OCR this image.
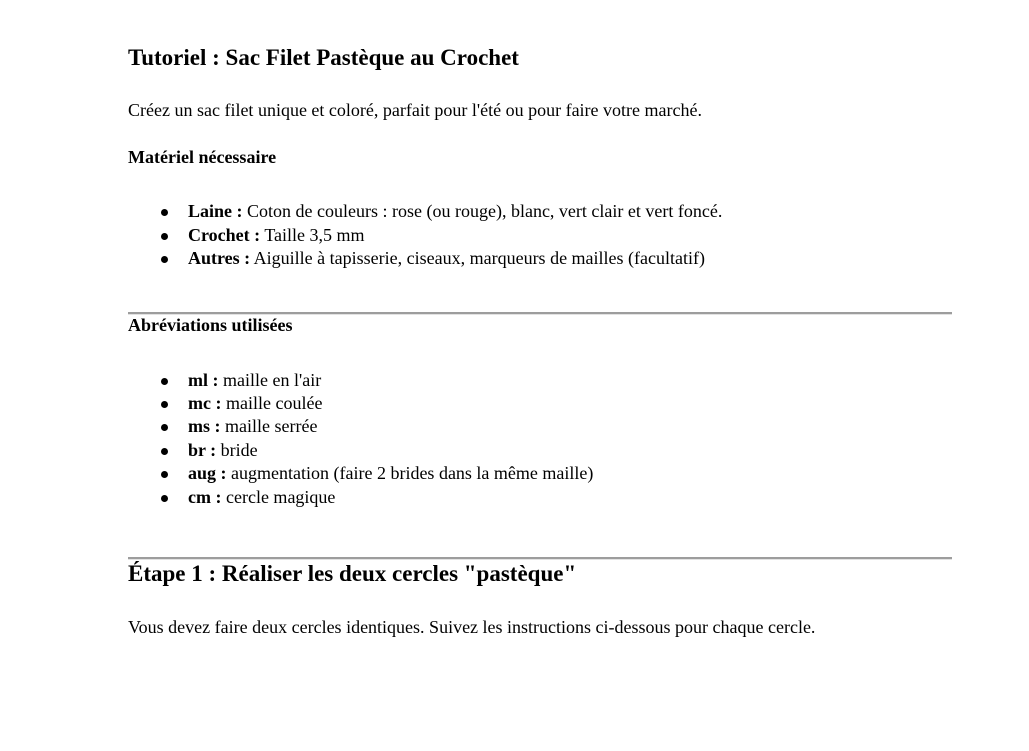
Tutoriel : Sac Filet Pastèque au Crochet

Créez un sac filet unique et coloré, parfait pour l'été ou pour faire votre marché.

Matériel nécessaire
Laine : Coton de couleurs : rose (ou rouge), blanc, vert clair et vert foncé.
Crochet : Taille 3,5 mm
Autres : Aiguille à tapisserie, ciseaux, marqueurs de mailles (facultatif)
Abréviations utilisées
ml : maille en l'air
mc : maille coulée
ms : maille serrée
br : bride
aug : augmentation (faire 2 brides dans la même maille)
cm : cercle magique
Étape 1 : Réaliser les deux cercles "pastèque"

Vous devez faire deux cercles identiques. Suivez les instructions ci-dessous pour chaque cercle.
